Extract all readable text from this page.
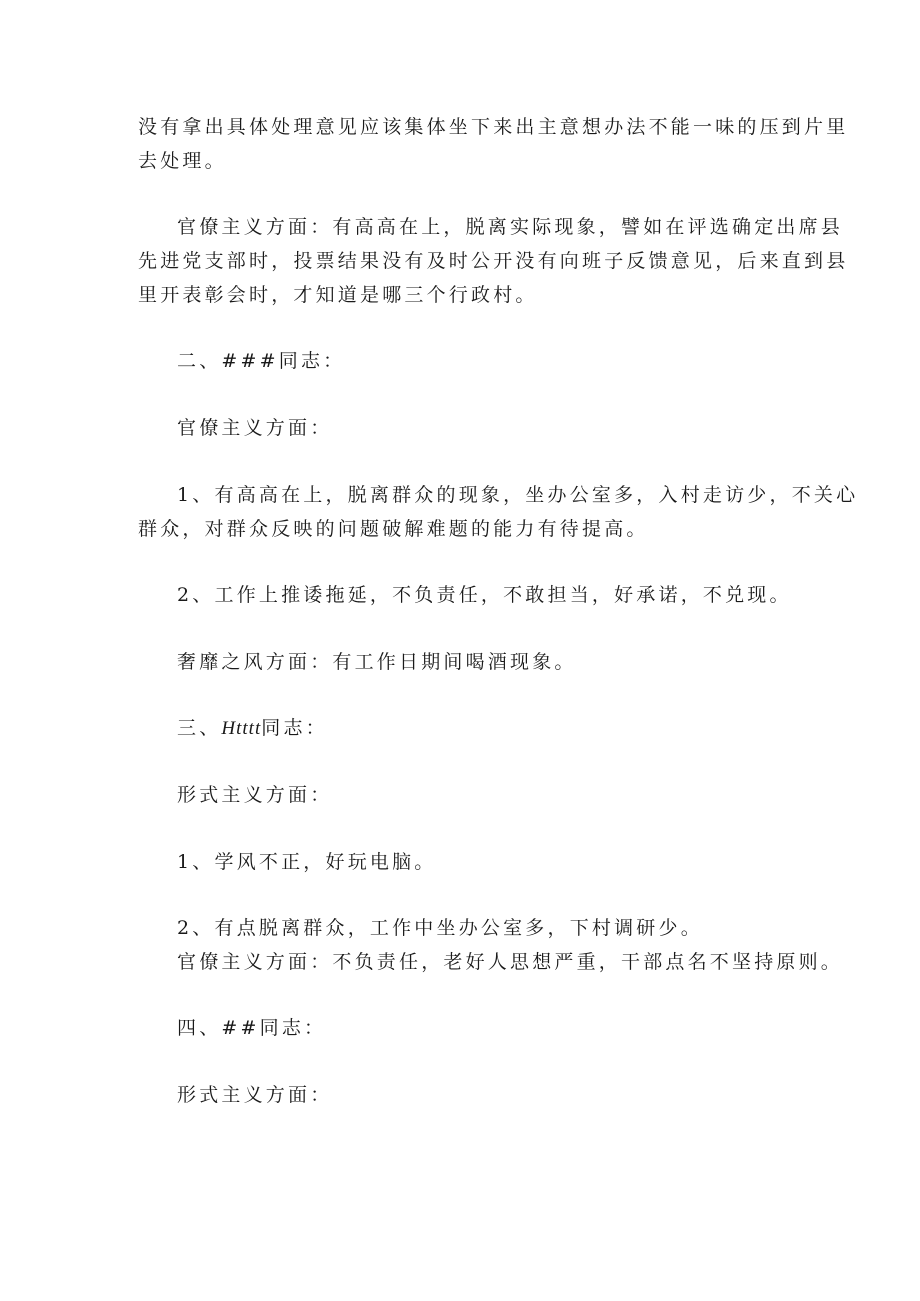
没有拿出具体处理意见应该集体坐下来出主意想办法不能一味的压到片里
去处理。
官僚主义方面：有高高在上，脱离实际现象，譬如在评选确定出席县
先进党支部时，投票结果没有及时公开没有向班子反馈意见，后来直到县
里开表彰会时，才知道是哪三个行政村。
二、###同志：
官僚主义方面：
1、有高高在上，脱离群众的现象，坐办公室多，入村走访少，不关心
群众，对群众反映的问题破解难题的能力有待提高。
2、工作上推诿拖延，不负责任，不敢担当，好承诺，不兑现。
奢靡之风方面：有工作日期间喝酒现象。
三、Htttt同志：
形式主义方面：
1、学风不正，好玩电脑。
2、有点脱离群众，工作中坐办公室多，下村调研少。
官僚主义方面：不负责任，老好人思想严重，干部点名不坚持原则。
四、##同志：
形式主义方面：
